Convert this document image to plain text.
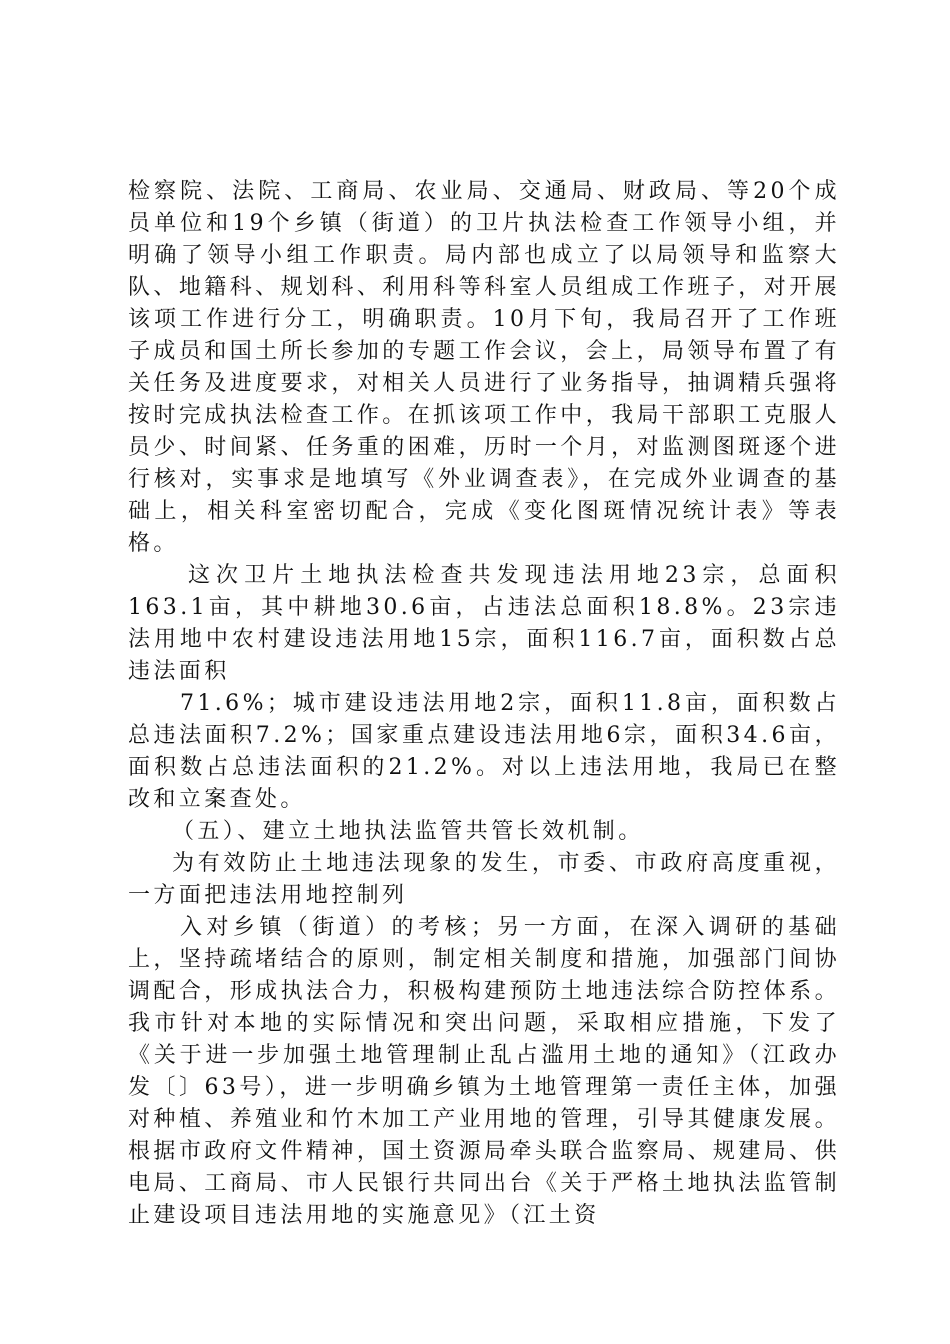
检察院、法院、工商局、农业局、交通局、财政局、等20个成员单位和19个乡镇（街道）的卫片执法检查工作领导小组，并明确了领导小组工作职责。局内部也成立了以局领导和监察大队、地籍科、规划科、利用科等科室人员组成工作班子，对开展该项工作进行分工，明确职责。10月下旬，我局召开了工作班子成员和国土所长参加的专题工作会议，会上，局领导布置了有关任务及进度要求，对相关人员进行了业务指导，抽调精兵强将按时完成执法检查工作。在抓该项工作中，我局干部职工克服人员少、时间紧、任务重的困难，历时一个月，对监测图斑逐个进行核对，实事求是地填写《外业调查表》，在完成外业调查的基础上，相关科室密切配合，完成《变化图斑情况统计表》等表格。

这次卫片土地执法检查共发现违法用地23宗，总面积163.1亩，其中耕地30.6亩，占违法总面积18.8%。23宗违法用地中农村建设违法用地15宗，面积116.7亩，面积数占总违法面积

71.6%；城市建设违法用地2宗，面积11.8亩，面积数占总违法面积7.2%；国家重点建设违法用地6宗，面积34.6亩，面积数占总违法面积的21.2%。对以上违法用地，我局已在整改和立案查处。

（五）、建立土地执法监管共管长效机制。

为有效防止土地违法现象的发生，市委、市政府高度重视，一方面把违法用地控制列

入对乡镇（街道）的考核；另一方面，在深入调研的基础上，坚持疏堵结合的原则，制定相关制度和措施，加强部门间协调配合，形成执法合力，积极构建预防土地违法综合防控体系。我市针对本地的实际情况和突出问题，采取相应措施，下发了《关于进一步加强土地管理制止乱占滥用土地的通知》（江政办发〔〕63号），进一步明确乡镇为土地管理第一责任主体，加强对种植、养殖业和竹木加工产业用地的管理，引导其健康发展。根据市政府文件精神，国土资源局牵头联合监察局、规建局、供电局、工商局、市人民银行共同出台《关于严格土地执法监管制止建设项目违法用地的实施意见》（江土资
